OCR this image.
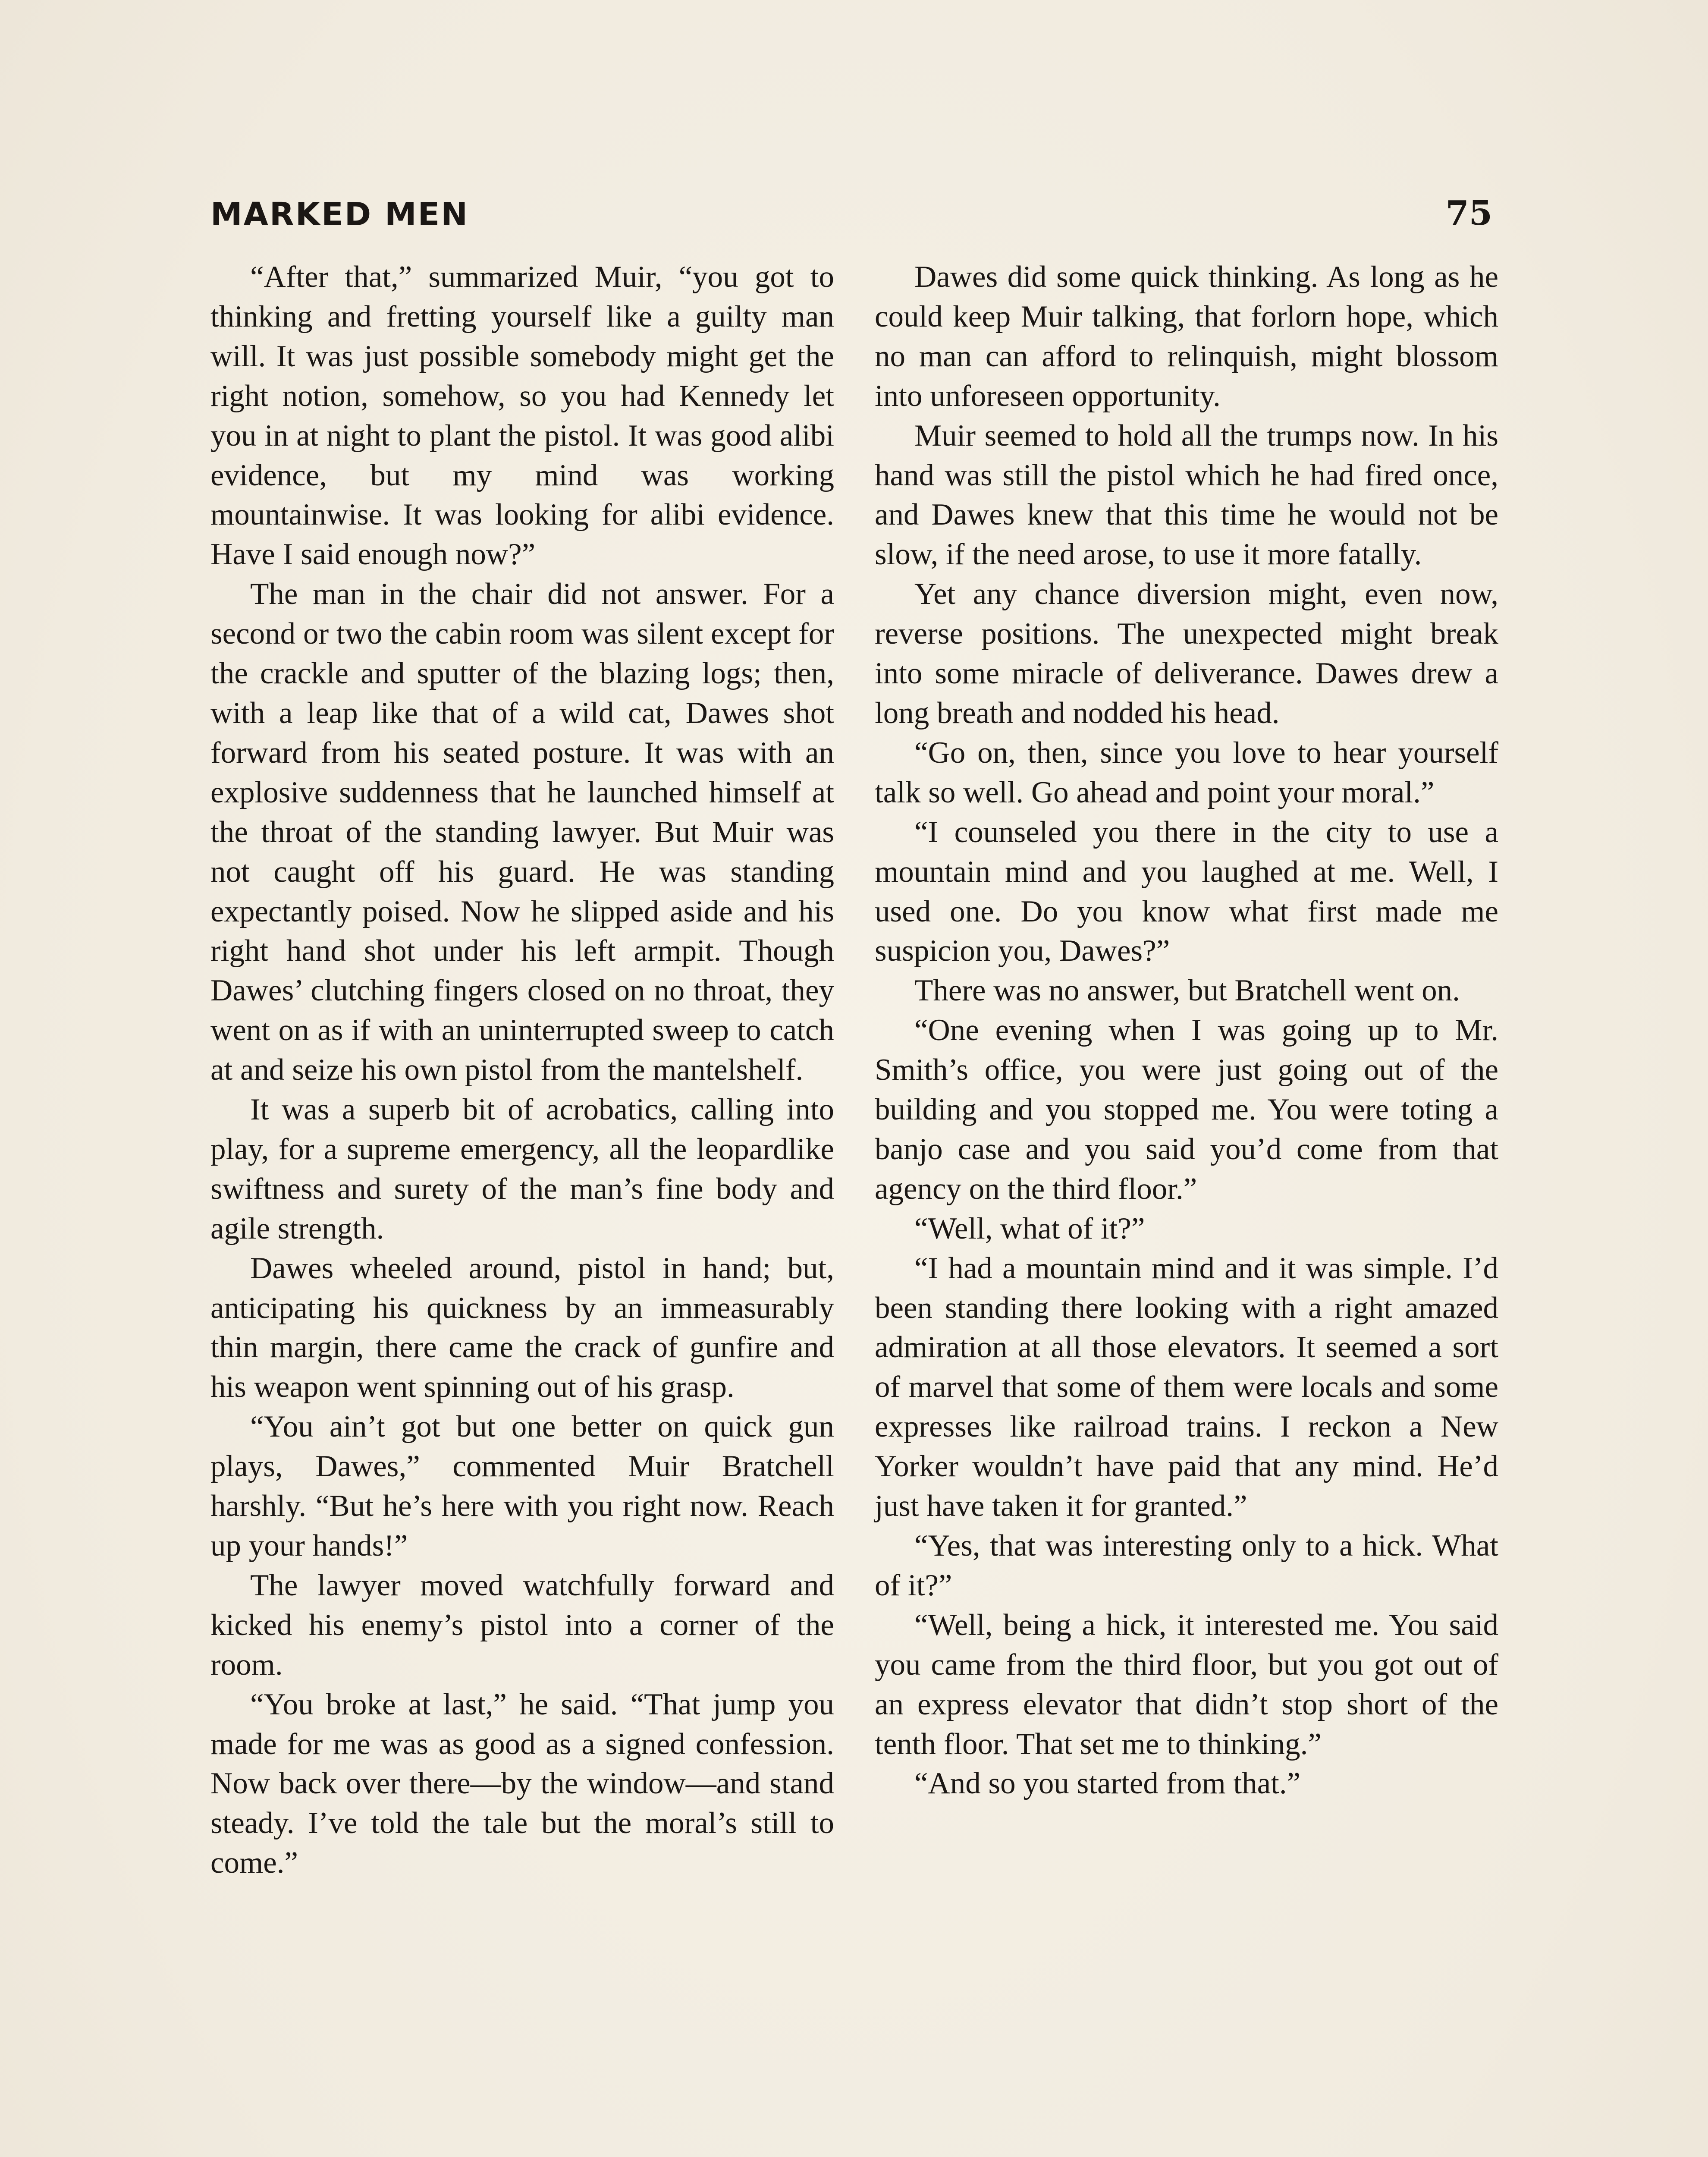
MARKED MEN	75

“After that,” summarized Muir, “you got to thinking and fretting yourself like a guilty man will. It was just possible somebody might get the right notion, somehow, so you had Kennedy let you in at night to plant the pistol. It was good alibi evidence, but my mind was working mountainwise. It was looking for alibi evidence. Have I said enough now?”

The man in the chair did not answer. For a second or two the cabin room was silent except for the crackle and sputter of the blazing logs; then, with a leap like that of a wild cat, Dawes shot forward from his seated posture. It was with an explosive suddenness that he launched himself at the throat of the standing lawyer. But Muir was not caught off his guard. He was standing expectantly poised. Now he slipped aside and his right hand shot under his left armpit. Though Dawes’ clutching fingers closed on no throat, they went on as if with an uninterrupted sweep to catch at and seize his own pistol from the mantelshelf.

It was a superb bit of acrobatics, calling into play, for a supreme emergency, all the leopardlike swiftness and surety of the man’s fine body and agile strength.

Dawes wheeled around, pistol in hand; but, anticipating his quickness by an immeasurably thin margin, there came the crack of gunfire and his weapon went spinning out of his grasp.

“You ain’t got but one better on quick gun plays, Dawes,” commented Muir Bratchell harshly. “But he’s here with you right now. Reach up your hands!”

The lawyer moved watchfully forward and kicked his enemy’s pistol into a corner of the room.

“You broke at last,” he said. “That jump you made for me was as good as a signed confession. Now back over there—by the window—and stand steady. I’ve told the tale but the moral’s still to come.”

Dawes did some quick thinking. As long as he could keep Muir talking, that forlorn hope, which no man can afford to relinquish, might blossom into unforeseen opportunity.

Muir seemed to hold all the trumps now. In his hand was still the pistol which he had fired once, and Dawes knew that this time he would not be slow, if the need arose, to use it more fatally.

Yet any chance diversion might, even now, reverse positions. The unexpected might break into some miracle of deliverance. Dawes drew a long breath and nodded his head.

“Go on, then, since you love to hear yourself talk so well. Go ahead and point your moral.”

“I counseled you there in the city to use a mountain mind and you laughed at me. Well, I used one. Do you know what first made me suspicion you, Dawes?”

There was no answer, but Bratchell went on.

“One evening when I was going up to Mr. Smith’s office, you were just going out of the building and you stopped me. You were toting a banjo case and you said you’d come from that agency on the third floor.”

“Well, what of it?”

“I had a mountain mind and it was simple. I’d been standing there looking with a right amazed admiration at all those elevators. It seemed a sort of marvel that some of them were locals and some expresses like railroad trains. I reckon a New Yorker wouldn’t have paid that any mind. He’d just have taken it for granted.”

“Yes, that was interesting only to a hick. What of it?”

“Well, being a hick, it interested me. You said you came from the third floor, but you got out of an express elevator that didn’t stop short of the tenth floor. That set me to thinking.”

“And so you started from that.”
